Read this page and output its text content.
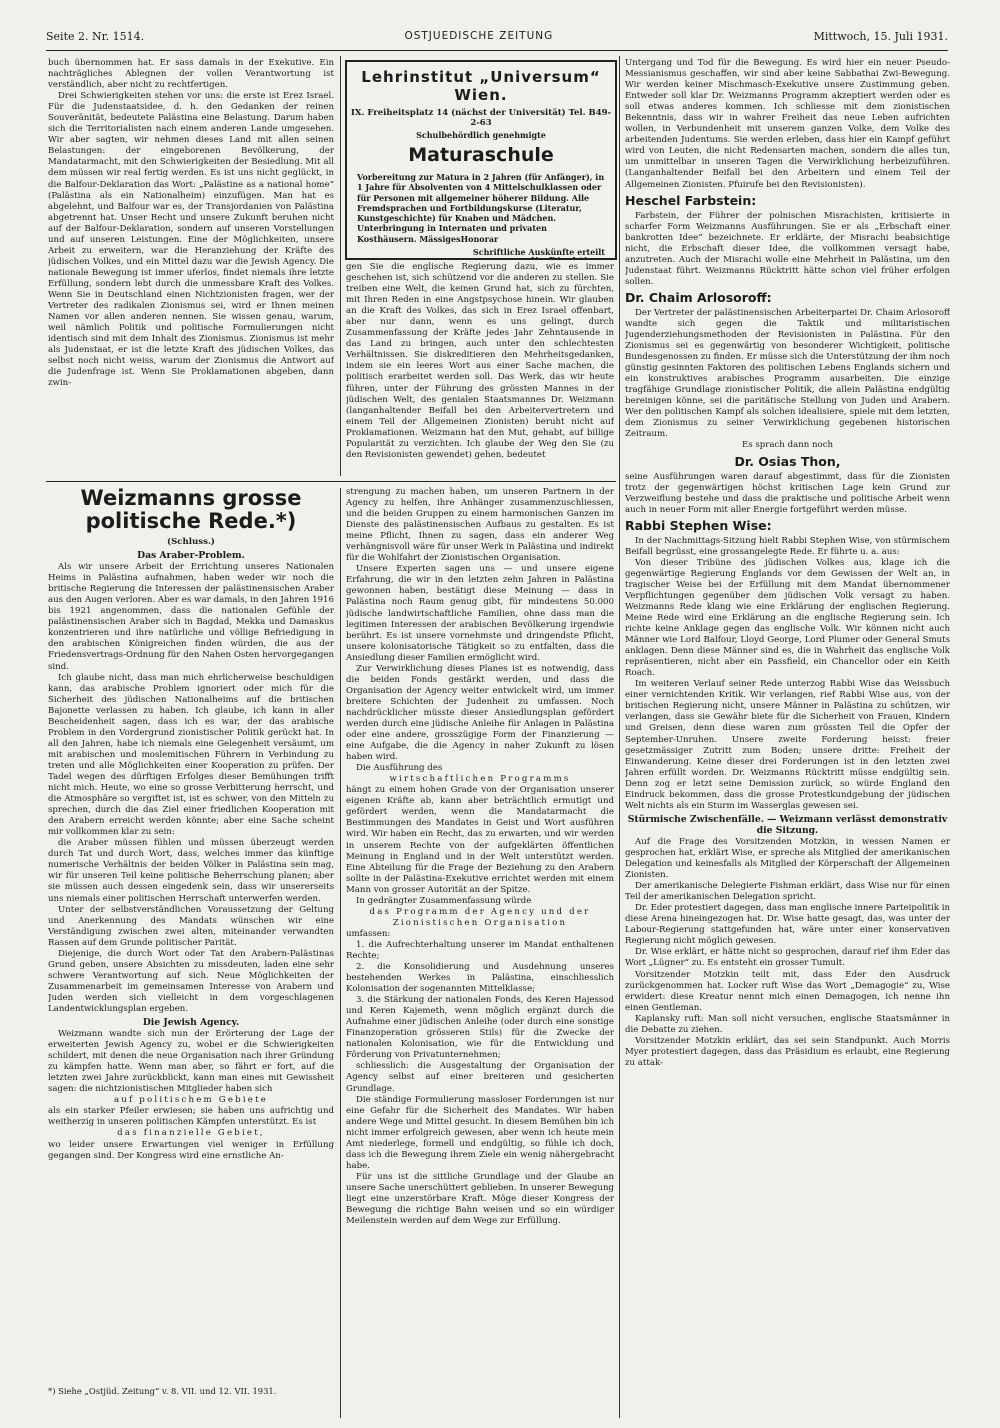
Seite 2. Nr. 1514.	OSTJUEDISCHE ZEITUNG	Mittwoch, 15. Juli 1931.

buch übernommen hat. Er sass damals in der Exekutive. Ein nachträgliches Ablegnen der vollen Verantwortung ist verständlich, aber nicht zu rechtfertigen.

Drei Schwierigkeiten stehen vor uns: die erste ist Erez Israel. Für die Judenstaatsidee, d. h. den Gedanken der reinen Souveränität, bedeutete Palästina eine Belastung. Darum haben sich die Territorialisten nach einem anderen Lande umgesehen. Wir aber sagten, wir nehmen dieses Land mit allen seinen Belastungen: der eingeborenen Bevölkerung, der Mandatarmacht, mit den Schwierigkeiten der Besiedlung. Mit all dem müssen wir real fertig werden. Es ist uns nicht geglückt, in die Balfour-Deklaration das Wort: „Palästine as a national home“ (Palästina als ein Nationalheim) einzufügen. Man hat es abgelehnt, und Balfour war es, der Transjordanien von Palästina abgetrennt hat. Unser Recht und unsere Zukunft beruhen nicht auf der Balfour-Deklaration, sondern auf unseren Vorstellungen und auf unseren Leistungen. Eine der Möglichkeiten, unsere Arbeit zu erweitern, war die Heranziehung der Kräfte des jüdischen Volkes, und ein Mittel dazu war die Jewish Agency. Die nationale Bewegung ist immer uferlos, findet niemals ihre letzte Erfüllung, sondern lebt durch die unmessbare Kraft des Volkes. Wenn Sie in Deutschland einen Nichtzionisten fragen, wer der Vertreter des radikalen Zionismus sei, wird er Ihnen meinen Namen vor allen anderen nennen. Sie wissen genau, warum, weil nämlich Politik und politische Formulierungen nicht identisch sind mit dem Inhalt des Zionismus. Zionismus ist mehr als Judenstaat, er ist die letzte Kraft des jüdischen Volkes, das selbst noch nicht weiss, warum der Zionismus die Antwort auf die Judenfrage ist. Wenn Sie Proklamationen abgeben, dann zwin-

Lehrinstitut „Universum“ Wien.
IX. Freiheitsplatz 14 (nächst der Universität) Tel. B49-2-63
Schulbehördlich genehmigte
Maturaschule
Vorbereitung zur Matura in 2 Jahren (für Anfänger), in 1 Jahre für Absolventen von 4 Mittelschulklassen oder für Personen mit allgemeiner höherer Bildung. Alle Fremdsprachen und Fortbildungskurse (Literatur, Kunstgeschichte) für Knaben und Mädchen. Unterbringung in Internaten und privaten Kosthäusern. MässigesHonorar
Schriftliche Auskünfte erteilt

gen Sie die englische Regierung dazu, wie es immer geschehen ist, sich schützend vor die anderen zu stellen. Sie treiben eine Welt, die keinen Grund hat, sich zu fürchten, mit Ihren Reden in eine Angstpsychose hinein. Wir glauben an die Kraft des Volkes, das sich in Erez Israel offenbart, aber nur dann, wenn es uns gelingt, durch Zusammenfassung der Kräfte jedes Jahr Zehntausende in das Land zu bringen, auch unter den schlechtesten Verhältnissen. Sie diskreditieren den Mehrheitsgedanken, indem sie ein leeres Wort aus einer Sache machen, die politisch erarbeitet werden soll. Das Werk, das wir heute führen, unter der Führung des grössten Mannes in der jüdischen Welt, des genialen Staatsmannes Dr. Weizmann (langanhaltender Beifall bei den Arbeitervertretern und einem Teil der Allgemeinen Zionisten) beruht nicht auf Proklamationen. Weizmann hat den Mut, gehabt, auf billige Popularität zu verzichten. Ich glaube der Weg den Sie (zu den Revisionisten gewendet) gehen, bedeutet

Weizmanns grosse politische Rede.*)
(Schluss.)
Das Araber-Problem.

Als wir unsere Arbeit der Errichtung unseres Nationalen Heims in Palästina aufnahmen, haben weder wir noch die britische Regierung die Interessen der palästinensischen Araber aus den Augen verloren. Aber es war damals, in den Jahren 1916 bis 1921 angenommen, dass die nationalen Gefühle der palästinensischen Araber sich in Bagdad, Mekka und Damaskus konzentrieren und ihre natürliche und völlige Befriedigung in den arabischen Königreichen finden würden, die aus der Friedensvertrags-Ordnung für den Nahen Osten hervorgegangen sind.

Ich glaube nicht, dass man mich ehrlicherweise beschuldigen kann, das arabische Problem ignoriert oder mich für die Sicherheit des jüdischen Nationalheims auf die britischen Bajonette verlassen zu haben. Ich glaube, ich kann in aller Bescheidenheit sagen, dass ich es war, der das arabische Problem in den Vordergrund zionistischer Politik gerückt hat. In all den Jahren, habe ich niemals eine Gelegenheit versäumt, um mit arabischen und moslemitischen Führern in Verbindung zu treten und alle Möglichkeiten einer Kooperation zu prüfen. Der Tadel wegen des dürftigen Erfolges dieser Bemühungen trifft nicht mich. Heute, wo eine so grosse Verbitterung herrscht, und die Atmosphäre so vergiftet ist, ist es schwer, von den Mitteln zu sprechen, durch die das Ziel einer friedlichen Kooperation mit den Arabern erreicht werden könnte; aber eine Sache scheint mir vollkommen klar zu sein:

die Araber müssen fühlen und müssen überzeugt werden durch Tat und durch Wort, dass, welches immer das künftige numerische Verhältnis der beiden Völker in Palästina sein mag, wir für unseren Teil keine politische Beherrschung planen; aber sie müssen auch dessen eingedenk sein, dass wir unsererseits uns niemals einer politischen Herrschaft unterwerfen werden.

Unter der selbstverständlichen Voraussetzung der Geltung und Anerkennung des Mandats wünschen wir eine Verständigung zwischen zwei alten, miteinander verwandten Rassen auf dem Grunde politischer Parität.

Diejenige, die durch Wort oder Tat den Arabern-Palästinas Grund geben, unsere Absichten zu missdeuten, laden eine sehr schwere Verantwortung auf sich. Neue Möglichkeiten der Zusammenarbeit im gemeinsamen Interesse von Arabern und Juden werden sich vielleicht in dem vorgeschlagenen Landentwicklungsplan ergeben.

Die Jewish Agency.

Weizmann wandte sich nun der Erörterung der Lage der erweiterten Jewish Agency zu, wobei er die Schwierigkeiten schildert, mit denen die neue Organisation nach ihrer Gründung zu kämpfen hatte. Wenn man aber, so fährt er fort, auf die letzten zwei Jahre zurückblickt, kann man eines mit Gewissheit sagen: die nichtzionistischen Mitglieder haben sich

auf politischem Gebiete

als ein starker Pfeiler erwiesen; sie haben uns aufrichtig und weitherzig in unseren politischen Kämpfen unterstützt. Es ist

das finanzielle Gebiet,

wo leider unsere Erwartungen viel weniger in Erfüllung gegangen sind. Der Kongress wird eine ernstliche An-

*) Siehe „Ostjüd. Zeitung“ v. 8. VII. und 12. VII. 1931.

strengung zu machen haben, um unseren Partnern in der Agency zu helfen, ihre Anhänger zusammenzuschliessen, und die beiden Gruppen zu einem harmonischen Ganzen im Dienste des palästinensischen Aufbaus zu gestalten. Es ist meine Pflicht, Ihnen zu sagen, dass ein anderer Weg verhängnisvoll wäre für unser Werk in Palästina und indirekt für die Wohlfahrt der Zionistischen Organisation.

Unsere Experten sagen uns — und unsere eigene Erfahrung, die wir in den letzten zehn Jahren in Palästina gewonnen haben, bestätigt diese Meinung — dass in Palästina noch Raum genug gibt, für mindestens 50.000 jüdische landwirtschaftliche Familien, ohne dass man die legitimen Interessen der arabischen Bevölkerung irgendwie berührt. Es ist unsere vornehmste und dringendste Pflicht, unsere kolonisatorische Tätigkeit so zu entfalten, dass die Ansiedlung dieser Familien ermöglicht wird.

Zur Verwirklichung dieses Planes ist es notwendig, dass die beiden Fonds gestärkt werden, und dass die Organisation der Agency weiter entwickelt wird, um immer breitere Schichten der Judenheit zu umfassen. Noch nachdrücklicher müsste dieser Ansiedlungsplan gefördert werden durch eine jüdische Anleihe für Anlagen in Palästina oder eine andere, grosszügige Form der Finanzierung — eine Aufgabe, die die Agency in naher Zukunft zu lösen haben wird.

Die Ausführung des

wirtschaftlichen Programms

hängt zu einem hohen Grade von der Organisation unserer eigenen Kräfte ab, kann aber beträchtlich ermutigt und gefördert werden, wenn die Mandatarmacht die Bestimmungen des Mandates in Geist und Wort ausführen wird. Wir haben ein Recht, das zu erwarten, und wir werden in unserem Rechte von der aufgeklärten öffentlichen Meinung in England und in der Welt unterstützt werden. Eine Abteilung für die Frage der Beziehung zu den Arabern sollte in der Palästina-Exekutive errichtet werden mit einem Mann von grosser Autorität an der Spitze.

In gedrängter Zusammenfassung würde

das Programm der Agency und der Zionistischen Organisation

umfassen:

1. die Aufrechterhaltung unserer im Mandat enthaltenen Rechte;

2. die Konsolidierung und Ausdehnung unseres bestehenden Werkes in Palästina, einschliesslich Kolonisation der sogenannten Mittelklasse;

3. die Stärkung der nationalen Fonds, des Keren Hajessod und Keren Kajemeth, wenn möglich ergänzt durch die Aufnahme einer jüdischen Anleihe (oder durch eine sonstige Finanzoperation grösseren Stils) für die Zwecke der nationalen Kolonisation, wie für die Entwicklung und Förderung von Privatunternehmen;

schliesslich: die Ausgestaltung der Organisation der Agency selbst auf einer breiteren und gesicherten Grundlage.

Die ständige Formulierung massloser Forderungen ist nur eine Gefahr für die Sicherheit des Mandates. Wir haben andere Wege und Mittel gesucht. In diesem Bemühen bin ich nicht immer erfolgreich gewesen, aber wenn ich heute mein Amt niederlege, formell und endgültig, so fühle ich doch, dass ich die Bewegung ihrem Ziele ein wenig nähergebracht habe.

Für uns ist die sittliche Grundlage und der Glaube an unsere Sache unerschüttert geblieben. In unserer Bewegung liegt eine unzerstörbare Kraft. Möge dieser Kongress der Bewegung die richtige Bahn weisen und so ein würdiger Meilenstein werden auf dem Wege zur Erfüllung.

Untergang und Tod für die Bewegung. Es wird hier ein neuer Pseudo-Messianismus geschaffen, wir sind aber keine Sabbathai Zwi-Bewegung. Wir werden keiner Mischmasch-Exekutive unsere Zustimmung geben. Entweder soll klar Dr. Weizmanns Programm akzeptiert werden oder es soll etwas anderes kommen. Ich schliesse mit dem zionistischen Bekenntnis, dass wir in wahrer Freiheit das neue Leben aufrichten wollen, in Verbundenheit mit unserem ganzen Volke, dem Volke des arbeitenden Judentums. Sie werden erleben, dass hier ein Kampf geführt wird von Leuten, die nicht Redensarten machen, sondern die alles tun, um unmittelbar in unseren Tagen die Verwirklichung herbeizuführen. (Langanhaltender Beifall bei den Arbeitern und einem Teil der Allgemeinen Zionisten. Pfuirufe bei den Revisionisten).

Heschel Farbstein:

Farbstein, der Führer der polnischen Misrachisten, kritisierte in scharfer Form Weizmanns Ausführungen. Sie er als „Erbschaft einer bankrotten Idee“ bezeichnete. Er erklärte, der Misrachi beabsichtige nicht, die Erbschaft dieser Idee, die vollkommen versagt habe, anzutreten. Auch der Misrachi wolle eine Mehrheit in Palästina, um den Judenstaat führt. Weizmanns Rücktritt hätte schon viel früher erfolgen sollen.

Dr. Chaim Arlosoroff:

Der Vertreter der palästinensischen Arbeiterpartei Dr. Chaim Arlosoroff wandte sich gegen die Taktik und militaristischen Jugenderziehungsmethoden der Revisionisten in Palästina. Für den Zionismus sei es gegenwärtig von besonderer Wichtigkeit, politische Bundesgenossen zu finden. Er müsse sich die Unterstützung der ihm noch günstig gesinnten Faktoren des politischen Lebens Englands sichern und ein konstruktives arabisches Programm ausarbeiten. Die einzige tragfähige Grundlage zionistischer Politik, die allein Palästina endgültig bereinigen könne, sei die paritätische Stellung von Juden und Arabern. Wer den politischen Kampf als solchen idealisiere, spiele mit dem letzten, dem Zionismus zu seiner Verwirklichung gegebenen historischen Zeitraum.

Es sprach dann noch
Dr. Osias Thon,

seine Ausführungen waren darauf abgestimmt, dass für die Zionisten trotz der gegenwärtigen höchst kritischen Lage kein Grund zur Verzweiflung bestehe und dass die praktische und politische Arbeit wenn auch in neuer Form mit aller Energie fortgeführt werden müsse.

Rabbi Stephen Wise:

In der Nachmittags-Sitzung hielt Rabbi Stephen Wise, von stürmischem Beifall begrüsst, eine grossangelegte Rede. Er führte u. a. aus:

Von dieser Tribüne des jüdischen Volkes aus, klage ich die gegenwärtige Regierung Englands vor dem Gewissen der Welt an, in tragischer Weise bei der Erfüllung mit dem Mandat übernommener Verpflichtungen gegenüber dem jüdischen Volk versagt zu haben. Weizmanns Rede klang wie eine Erklärung der englischen Regierung. Meine Rede wird eine Erklärung an die englische Regierung sein. Ich richte keine Anklage gegen das englische Volk. Wir können nicht auch Männer wie Lord Balfour, Lloyd George, Lord Plumer oder General Smuts anklagen. Denn diese Männer sind es, die in Wahrheit das englische Volk repräsentieren, nicht aber ein Passfield, ein Chancellor oder ein Keith Roach.

Im weiteren Verlauf seiner Rede unterzog Rabbi Wise das Weissbuch einer vernichtenden Kritik. Wir verlangen, rief Rabbi Wise aus, von der britischen Regierung nicht, unsere Männer in Palästina zu schützen, wir verlangen, dass sie Gewähr biete für die Sicherheit von Frauen, Kindern und Greisen, denn diese waren zum grössten Teil die Opfer der September-Unruhen. Unsere zweite Forderung heisst: freier gesetzmässiger Zutritt zum Boden; unsere dritte: Freiheit der Einwanderung. Keine dieser drei Forderungen ist in den letzten zwei Jahren erfüllt worden. Dr. Weizmanns Rücktritt müsse endgültig sein. Denn zog er letzt seine Demission zurück, so würde England den Eindruck bekommen, dass die grosse Protestkundgebung der jüdischen Welt nichts als ein Sturm im Wasserglas gewesen sei.

Stürmische Zwischenfälle. — Weizmann verlässt demonstrativ die Sitzung.

Auf die Frage des Vorsitzenden Motzkin, in wessen Namen er gesprochen hat, erklärt Wise, er spreche als Mitglied der amerikanischen Delegation und keinesfalls als Mitglied der Körperschaft der Allgemeinen Zionisten.

Der amerikanische Delegierte Fishman erklärt, dass Wise nur für einen Teil der amerikanischen Delegation spricht.

Dr. Eder protestiert dagegen, dass man englische innere Parteipolitik in diese Arena hineingezogen hat. Dr. Wise hatte gesagt, das, was unter der Labour-Regierung stattgefunden hat, wäre unter einer konservativen Regierung nicht möglich gewesen.

Dr. Wise erklärt, er hätte nicht so gesprochen, darauf rief ihm Eder das Wort „Lügner“ zu. Es entsteht ein grosser Tumult.

Vorsitzender Motzkin teilt mit, dass Eder den Ausdruck zurückgenommen hat. Locker ruft Wise das Wort „Demagogie“ zu, Wise erwidert: diese Kreatur nennt mich einen Demagogen, ich nenne ihn einen Gentleman.

Kaplansky ruft: Man soll nicht versuchen, englische Staatsmänner in die Debatte zu ziehen.

Vorsitzender Motzkin erklärt, das sei sein Standpunkt. Auch Morris Myer protestiert dagegen, dass das Präsidium es erlaubt, eine Regierung zu attak-
